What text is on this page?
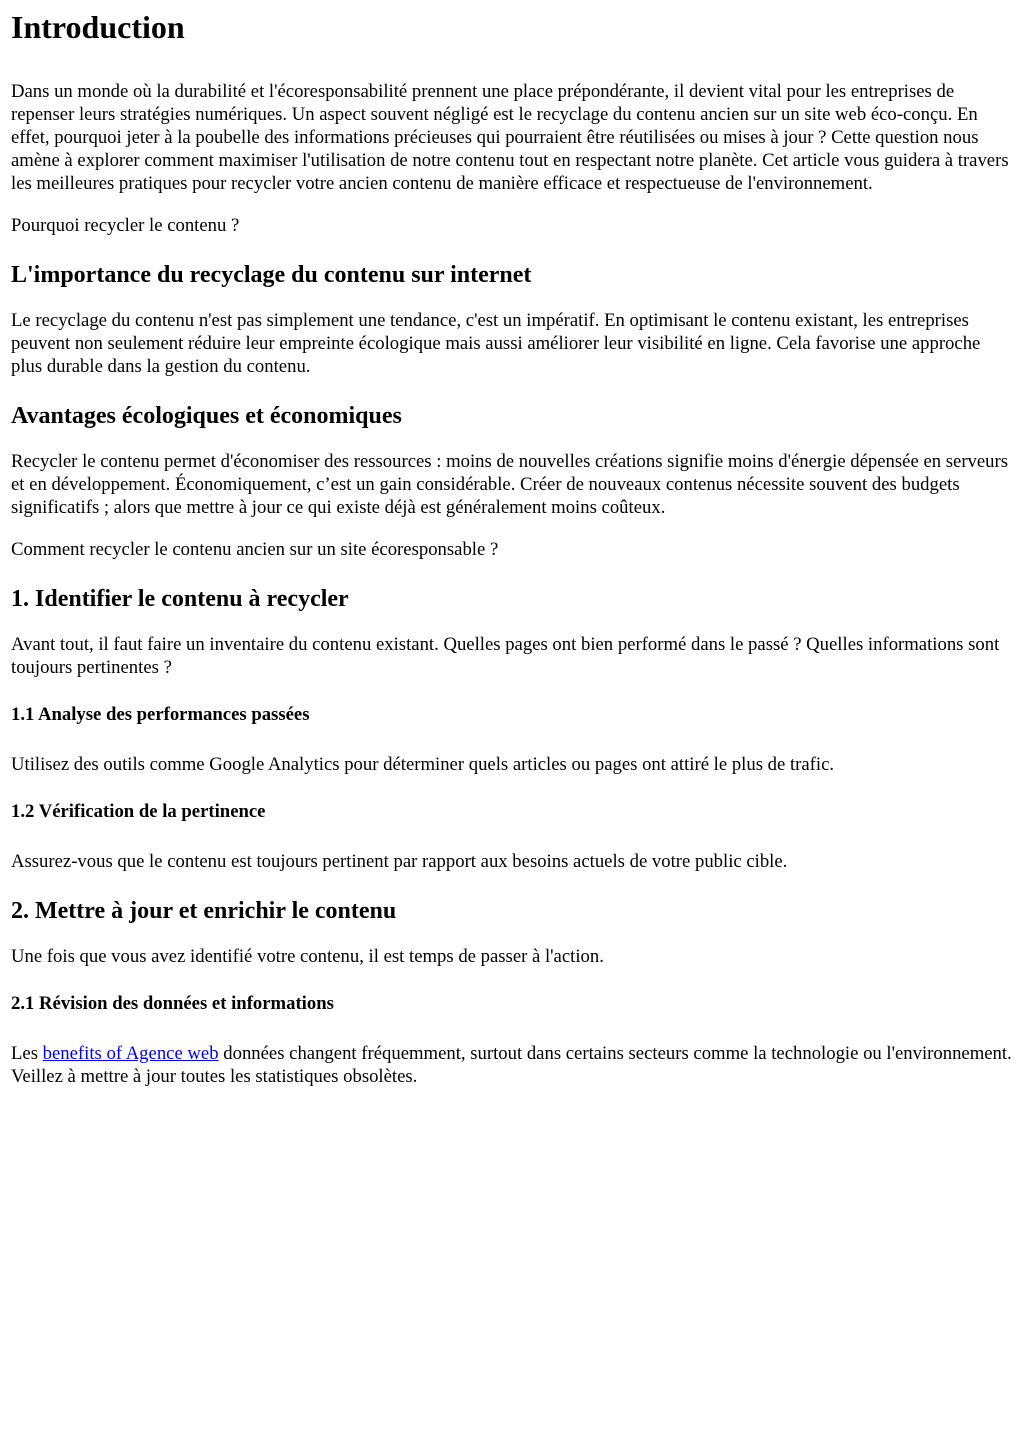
Introduction

Dans un monde où la durabilité et l'écoresponsabilité prennent une place prépondérante, il devient vital pour les entreprises de repenser leurs stratégies numériques. Un aspect souvent négligé est le recyclage du contenu ancien sur un site web éco-conçu. En effet, pourquoi jeter à la poubelle des informations précieuses qui pourraient être réutilisées ou mises à jour ? Cette question nous amène à explorer comment maximiser l'utilisation de notre contenu tout en respectant notre planète. Cet article vous guidera à travers les meilleures pratiques pour recycler votre ancien contenu de manière efficace et respectueuse de l'environnement.

Pourquoi recycler le contenu ?

L'importance du recyclage du contenu sur internet

Le recyclage du contenu n'est pas simplement une tendance, c'est un impératif. En optimisant le contenu existant, les entreprises peuvent non seulement réduire leur empreinte écologique mais aussi améliorer leur visibilité en ligne. Cela favorise une approche plus durable dans la gestion du contenu.

Avantages écologiques et économiques

Recycler le contenu permet d'économiser des ressources : moins de nouvelles créations signifie moins d'énergie dépensée en serveurs et en développement. Économiquement, c’est un gain considérable. Créer de nouveaux contenus nécessite souvent des budgets significatifs ; alors que mettre à jour ce qui existe déjà est généralement moins coûteux.

Comment recycler le contenu ancien sur un site écoresponsable ?

1. Identifier le contenu à recycler

Avant tout, il faut faire un inventaire du contenu existant. Quelles pages ont bien performé dans le passé ? Quelles informations sont toujours pertinentes ?

1.1 Analyse des performances passées

Utilisez des outils comme Google Analytics pour déterminer quels articles ou pages ont attiré le plus de trafic.

1.2 Vérification de la pertinence

Assurez-vous que le contenu est toujours pertinent par rapport aux besoins actuels de votre public cible.

2. Mettre à jour et enrichir le contenu

Une fois que vous avez identifié votre contenu, il est temps de passer à l'action.

2.1 Révision des données et informations

Les benefits of Agence web données changent fréquemment, surtout dans certains secteurs comme la technologie ou l'environnement. Veillez à mettre à jour toutes les statistiques obsolètes.
